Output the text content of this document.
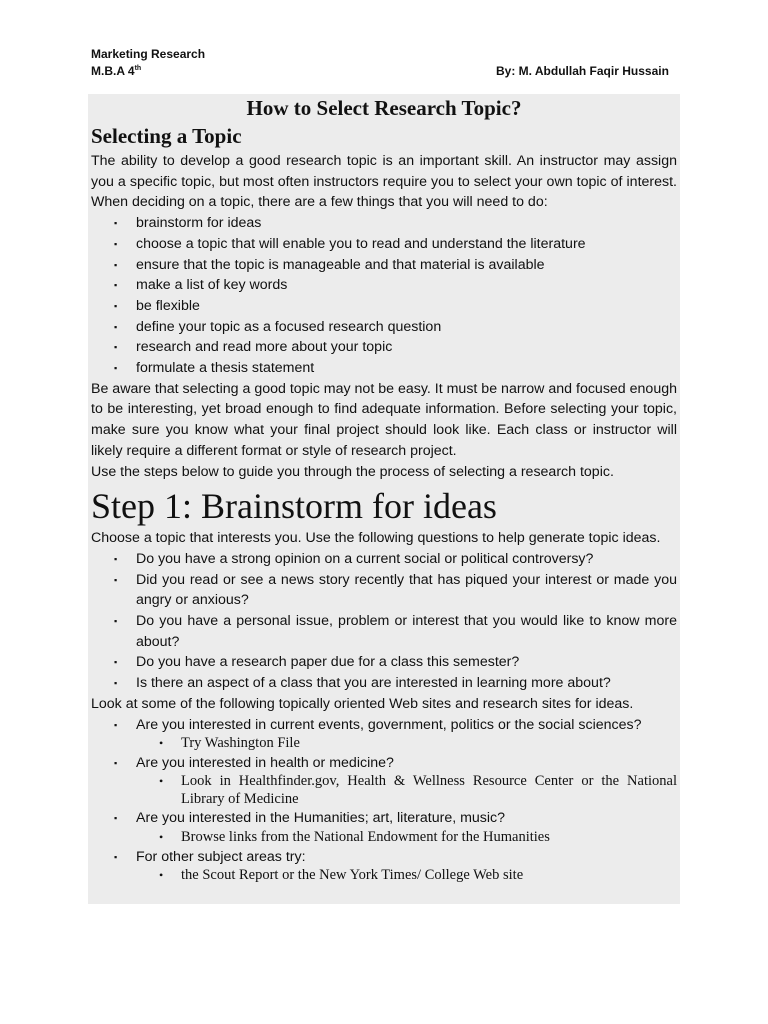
Marketing Research
M.B.A 4th	By: M. Abdullah Faqir Hussain
How to Select Research Topic?
Selecting a Topic

The ability to develop a good research topic is an important skill. An instructor may assign you a specific topic, but most often instructors require you to select your own topic of interest. When deciding on a topic, there are a few things that you will need to do:

▪ brainstorm for ideas
▪ choose a topic that will enable you to read and understand the literature
▪ ensure that the topic is manageable and that material is available
▪ make a list of key words
▪ be flexible
▪ define your topic as a focused research question
▪ research and read more about your topic
▪ formulate a thesis statement

Be aware that selecting a good topic may not be easy. It must be narrow and focused enough to be interesting, yet broad enough to find adequate information. Before selecting your topic, make sure you know what your final project should look like. Each class or instructor will likely require a different format or style of research project.

Use the steps below to guide you through the process of selecting a research topic.

Step 1: Brainstorm for ideas

Choose a topic that interests you. Use the following questions to help generate topic ideas.

▪ Do you have a strong opinion on a current social or political controversy?
▪ Did you read or see a news story recently that has piqued your interest or made you angry or anxious?
▪ Do you have a personal issue, problem or interest that you would like to know more about?
▪ Do you have a research paper due for a class this semester?
▪ Is there an aspect of a class that you are interested in learning more about?

Look at some of the following topically oriented Web sites and research sites for ideas.

▪ Are you interested in current events, government, politics or the social sciences?
• Try Washington File
▪ Are you interested in health or medicine?
• Look in Healthfinder.gov, Health & Wellness Resource Center or the National Library of Medicine
▪ Are you interested in the Humanities; art, literature, music?
• Browse links from the National Endowment for the Humanities
▪ For other subject areas try:
• the Scout Report or the New York Times/ College Web site
